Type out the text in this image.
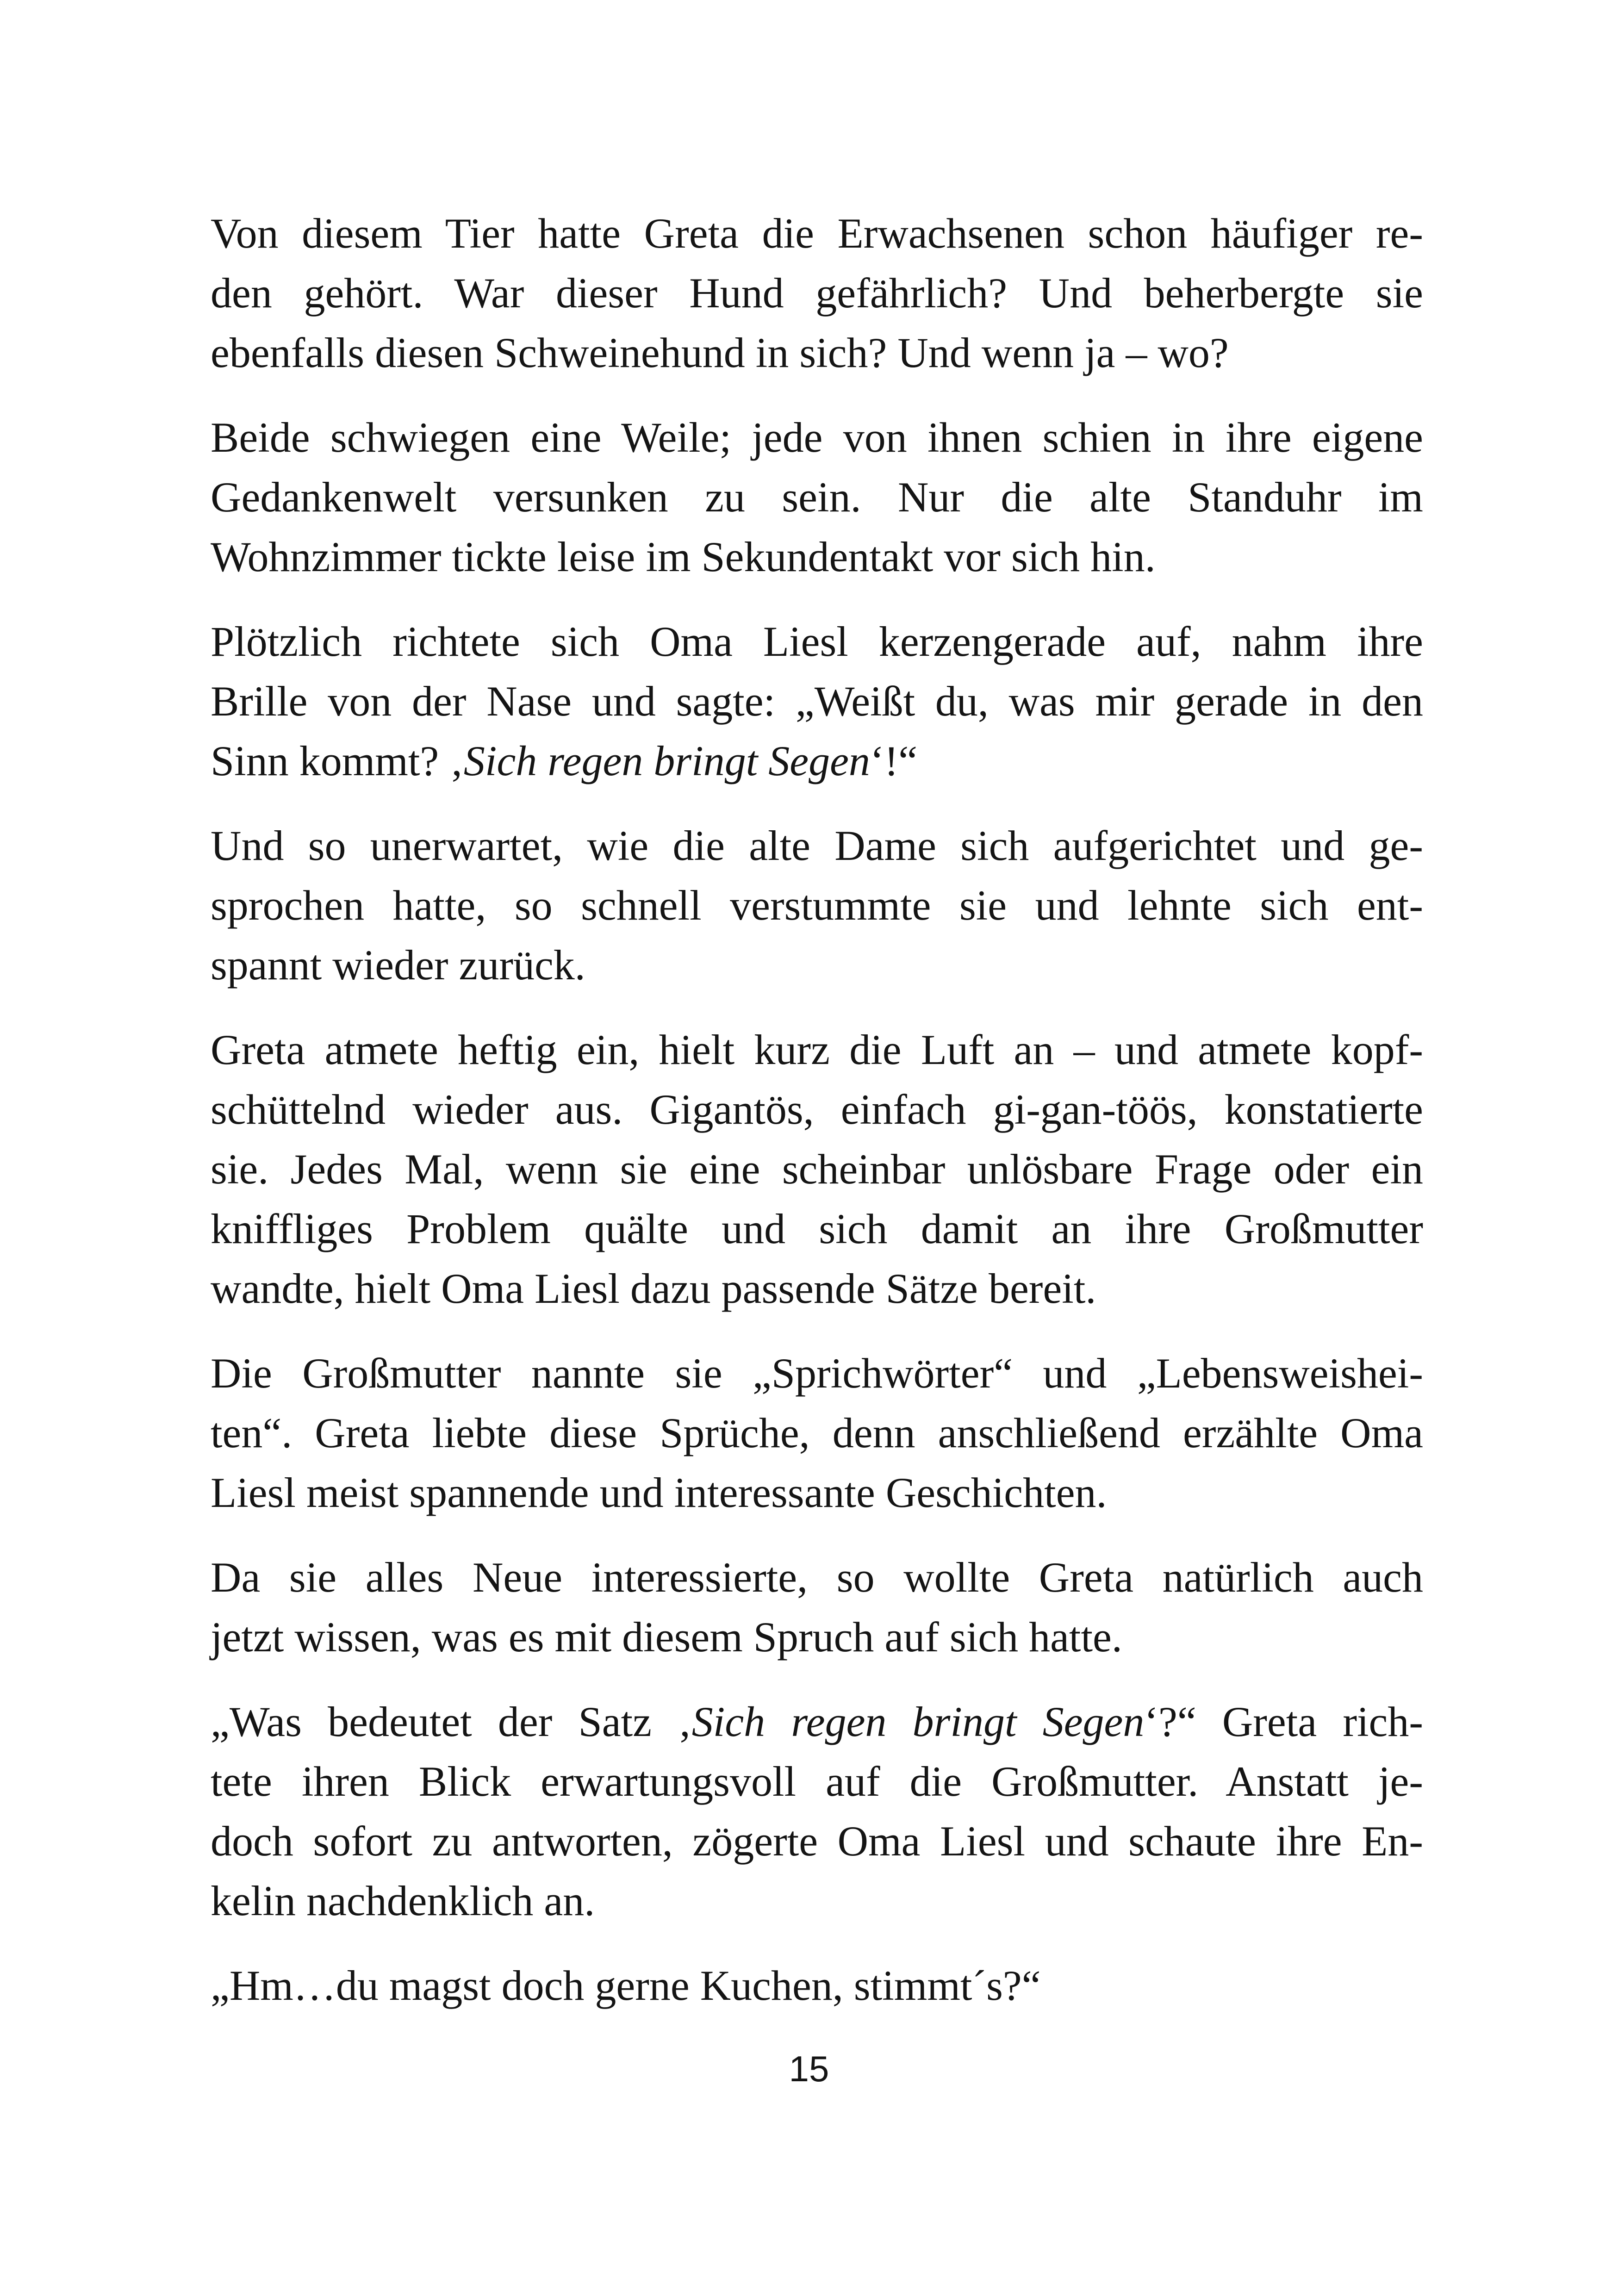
Von diesem Tier hatte Greta die Erwachsenen schon häufiger re-
den gehört. War dieser Hund gefährlich? Und beherbergte sie
ebenfalls diesen Schweinehund in sich? Und wenn ja – wo?

Beide schwiegen eine Weile; jede von ihnen schien in ihre eigene
Gedankenwelt versunken zu sein. Nur die alte Standuhr im
Wohnzimmer tickte leise im Sekundentakt vor sich hin.

Plötzlich richtete sich Oma Liesl kerzengerade auf, nahm ihre
Brille von der Nase und sagte: „Weißt du, was mir gerade in den
Sinn kommt? ‚Sich regen bringt Segen‘!“

Und so unerwartet, wie die alte Dame sich aufgerichtet und ge-
sprochen hatte, so schnell verstummte sie und lehnte sich ent-
spannt wieder zurück.

Greta atmete heftig ein, hielt kurz die Luft an – und atmete kopf-
schüttelnd wieder aus. Gigantös, einfach gi-gan-töös, konstatierte
sie. Jedes Mal, wenn sie eine scheinbar unlösbare Frage oder ein
kniffliges Problem quälte und sich damit an ihre Großmutter
wandte, hielt Oma Liesl dazu passende Sätze bereit.

Die Großmutter nannte sie „Sprichwörter“ und „Lebensweishei-
ten“. Greta liebte diese Sprüche, denn anschließend erzählte Oma
Liesl meist spannende und interessante Geschichten.

Da sie alles Neue interessierte, so wollte Greta natürlich auch
jetzt wissen, was es mit diesem Spruch auf sich hatte.

„Was bedeutet der Satz ‚Sich regen bringt Segen‘?“ Greta rich-
tete ihren Blick erwartungsvoll auf die Großmutter. Anstatt je-
doch sofort zu antworten, zögerte Oma Liesl und schaute ihre En-
kelin nachdenklich an.

„Hm…du magst doch gerne Kuchen, stimmt´s?“

15
